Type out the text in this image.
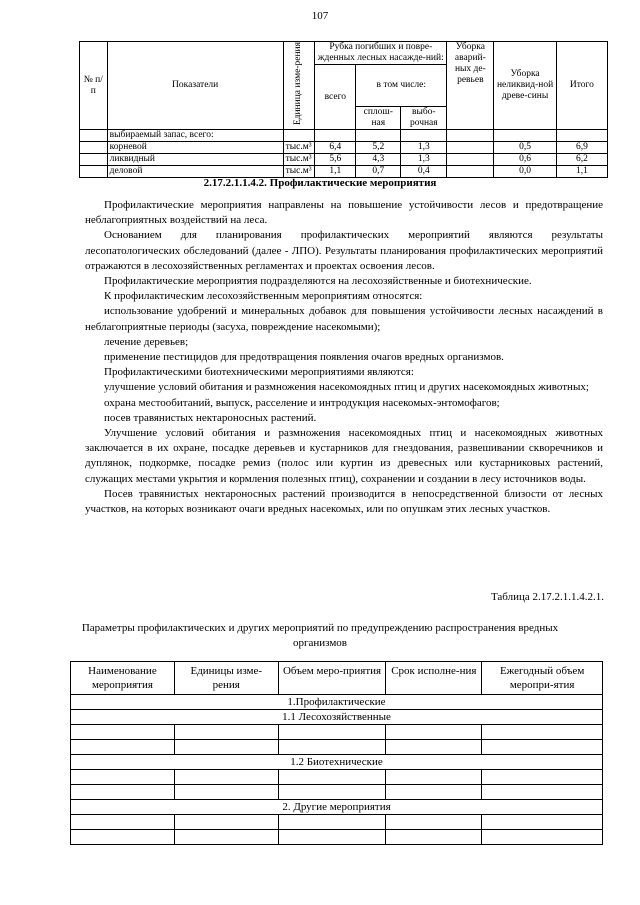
107
№ п/п	Показатели	Единица изме-рения	Рубка погибших и повре-жденных лесных насажде-ний:			Уборка аварий-ных де-ревьев	Уборка неликвид-ной древе-сины	Итого
			всего	в том числе:				
				сплош-ная	выбо-рочная			
	выбираемый запас, всего:							
	корневой	тыс.м³	6,4	5,2	1,3		0,5	6,9
	ликвидный	тыс.м³	5,6	4,3	1,3		0,6	6,2
	деловой	тыс.м³	1,1	0,7	0,4		0,0	1,1
2.17.2.1.1.4.2. Профилактические мероприятия

Профилактические мероприятия направлены на повышение устойчивости лесов и предотвращение неблагоприятных воздействий на леса.

Основанием для планирования профилактических мероприятий являются результаты лесопатологических обследований (далее - ЛПО). Результаты планирования профилактических мероприятий отражаются в лесохозяйственных регламентах и проектах освоения лесов.

Профилактические мероприятия подразделяются на лесохозяйственные и биотехнические.

К профилактическим лесохозяйственным мероприятиям относятся:

использование удобрений и минеральных добавок для повышения устойчивости лесных насаждений в неблагоприятные периоды (засуха, повреждение насекомыми);

лечение деревьев;

применение пестицидов для предотвращения появления очагов вредных организмов.

Профилактическими биотехническими мероприятиями являются:

улучшение условий обитания и размножения насекомоядных птиц и других насекомоядных животных;

охрана местообитаний, выпуск, расселение и интродукция насекомых-энтомофагов;

посев травянистых нектароносных растений.

Улучшение условий обитания и размножения насекомоядных птиц и насекомоядных животных заключается в их охране, посадке деревьев и кустарников для гнездования, развешивании скворечников и дуплянок, подкормке, посадке ремиз (полос или куртин из древесных или кустарниковых растений, служащих местами укрытия и кормления полезных птиц), сохранении и создании в лесу источников воды.

Посев травянистых нектароносных растений производится в непосредственной близости от лесных участков, на которых возникают очаги вредных насекомых, или по опушкам этих лесных участков.

Таблица 2.17.2.1.1.4.2.1.
Параметры профилактических и других мероприятий по предупреждению распространения вредных организмов
Наименование мероприятия	Единицы изме-рения	Объем меро-приятия	Срок исполне-ния	Ежегодный объем меропри-ятия
1.Профилактические				
1.1 Лесохозяйственные				

1.2 Биотехнические				

2. Другие мероприятия				
